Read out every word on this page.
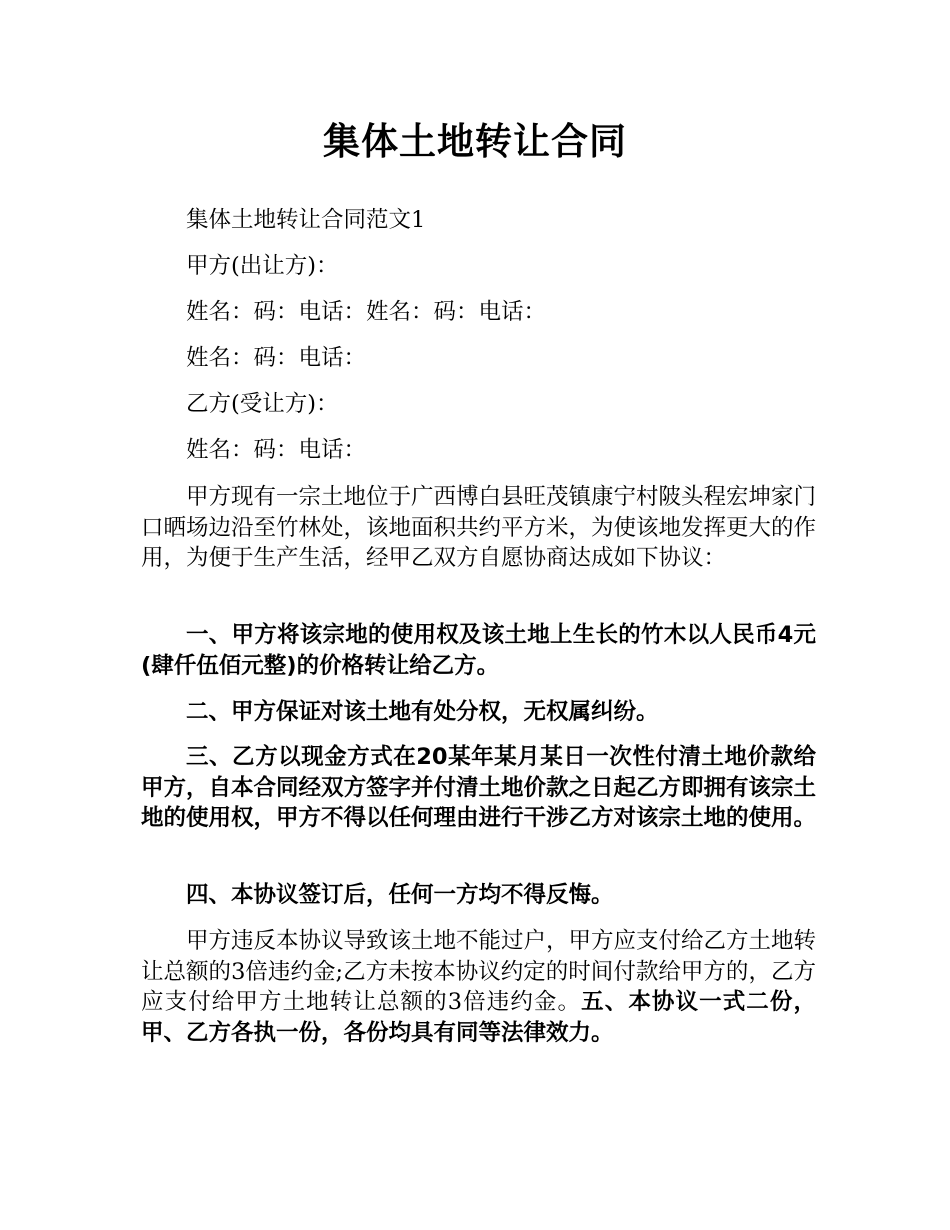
集体土地转让合同
集体土地转让合同范文1
甲方(出让方)：
姓名：码：电话：姓名：码：电话：
姓名：码：电话：
乙方(受让方)：
姓名：码：电话：
甲方现有一宗土地位于广西博白县旺茂镇康宁村陂头程宏坤家门口晒场边沿至竹林处，该地面积共约平方米，为使该地发挥更大的作用，为便于生产生活，经甲乙双方自愿协商达成如下协议：
一、甲方将该宗地的使用权及该土地上生长的竹木以人民币4元(肆仟伍佰元整)的价格转让给乙方。
二、甲方保证对该土地有处分权，无权属纠纷。
三、乙方以现金方式在20某年某月某日一次性付清土地价款给甲方，自本合同经双方签字并付清土地价款之日起乙方即拥有该宗土地的使用权，甲方不得以任何理由进行干涉乙方对该宗土地的使用。
四、本协议签订后，任何一方均不得反悔。
甲方违反本协议导致该土地不能过户，甲方应支付给乙方土地转让总额的3倍违约金;乙方未按本协议约定的时间付款给甲方的，乙方应支付给甲方土地转让总额的3倍违约金。五、本协议一式二份，甲、乙方各执一份，各份均具有同等法律效力。
